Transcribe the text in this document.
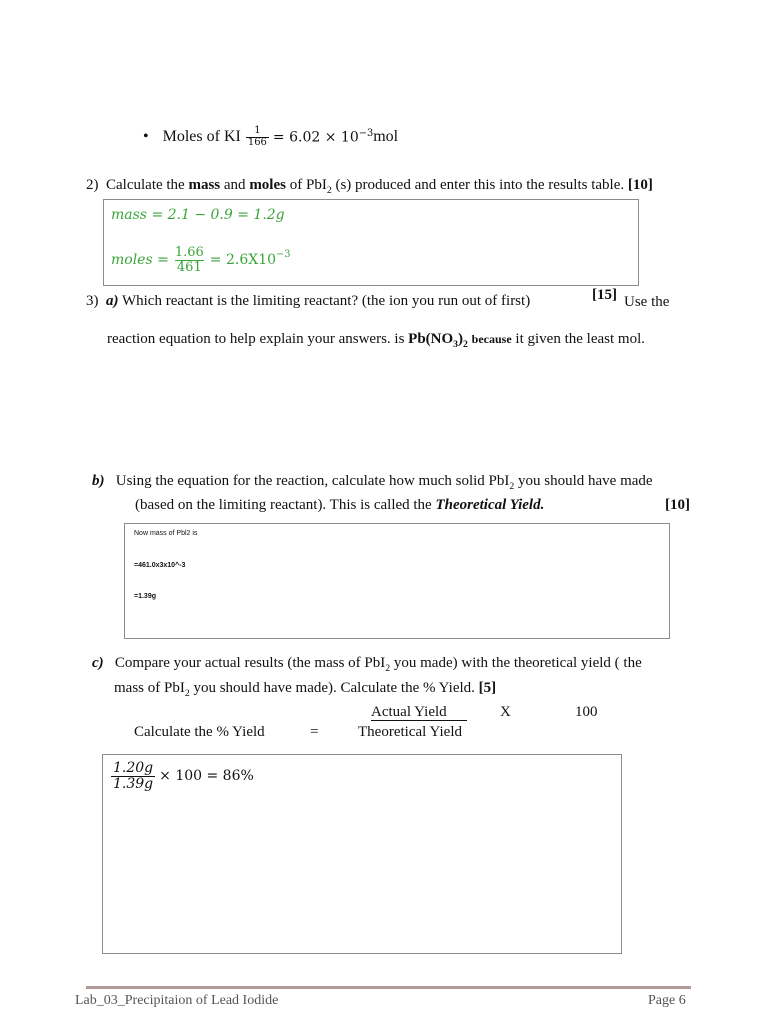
• Moles of KI $\frac{1}{166} = 6.02 \times 10^{-3}$ mol
2) Calculate the mass and moles of PbI$_2$ (s) produced and enter this into the results table. [10]
mass = 2.1 − 0.9 = 1.2g
moles = $\frac{1.66}{461} = 2.6X10^{-3}$
3) a) Which reactant is the limiting reactant? (the ion you run out of first)	[15] Use the
reaction equation to help explain your answers. is $Pb(NO_3)_2$ because it given the least mol.
b) Using the equation for the reaction, calculate how much solid PbI$_2$ you should have made
(based on the limiting reactant). This is called the Theoretical Yield.	[10]
Now mass of Pbl2 is
=461.0x3x10^-3
=1.39g
c) Compare your actual results (the mass of PbI$_2$ you made) with the theoretical yield ( the
mass of PbI$_2$ you should have made). Calculate the % Yield. [5]
Calculate the % Yield	=
Actual Yield
Theoretical Yield
X	100
$\frac{1.20g}{1.39g} \times 100 = 86\%$
Lab_03_Precipitaion of Lead Iodide	Page 6
